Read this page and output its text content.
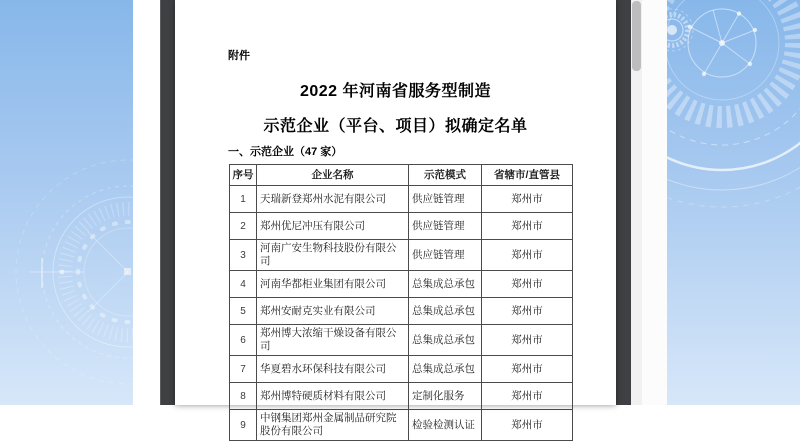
附件
2022 年河南省服务型制造
示范企业（平台、项目）拟确定名单
一、示范企业（47 家）
序号	企业名称	示范模式	省辖市/直管县
1	天瑞新登郑州水泥有限公司	供应链管理	郑州市
2	郑州优尼冲压有限公司	供应链管理	郑州市
3	河南广安生物科技股份有限公司	供应链管理	郑州市
4	河南华都柜业集团有限公司	总集成总承包	郑州市
5	郑州安耐克实业有限公司	总集成总承包	郑州市
6	郑州博大浓缩干燥设备有限公司	总集成总承包	郑州市
7	华夏碧水环保科技有限公司	总集成总承包	郑州市
8	郑州博特硬质材料有限公司	定制化服务	郑州市
9	中钢集团郑州金属制品研究院股份有限公司	检验检测认证	郑州市
